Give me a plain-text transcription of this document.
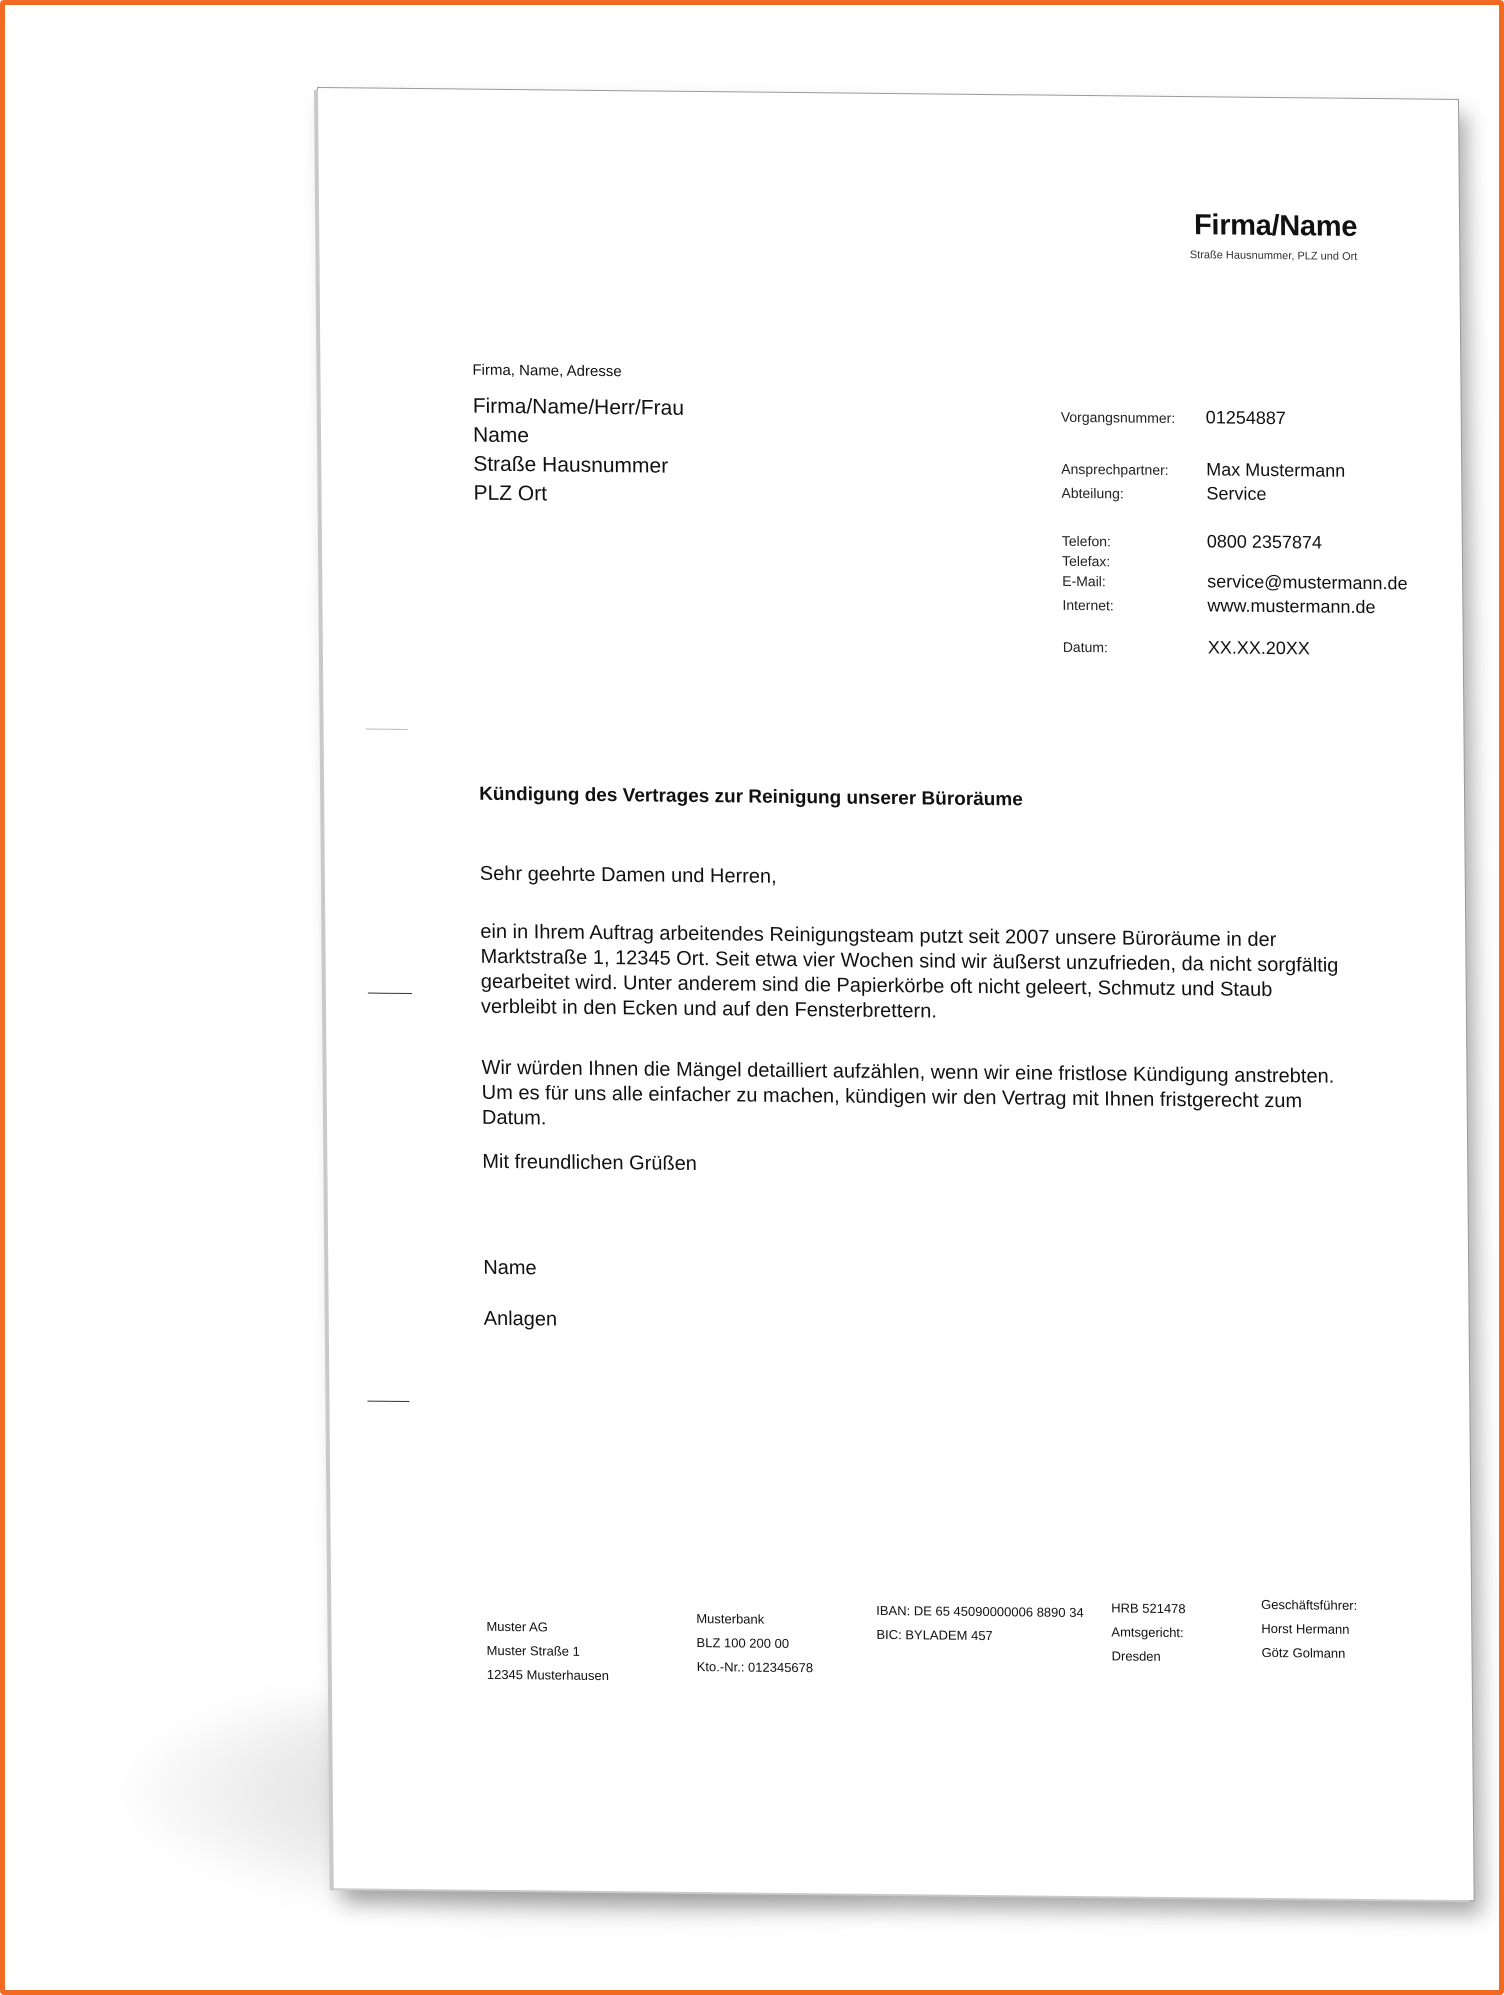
Firma/Name
Straße Hausnummer, PLZ und Ort
Firma, Name, Adresse
Firma/Name/Herr/Frau
Name
Straße Hausnummer
PLZ Ort
Vorgangsnummer: 01254887
Ansprechpartner: Max Mustermann
Abteilung:	Service
Telefon:	0800 2357874
Telefax:
E-Mail:	service@mustermann.de
Internet:	www.mustermann.de
Datum:	XX.XX.20XX
Kündigung des Vertrages zur Reinigung unserer Büroräume
Sehr geehrte Damen und Herren,
ein in Ihrem Auftrag arbeitendes Reinigungsteam putzt seit 2007 unsere Büroräume in der Marktstraße 1, 12345 Ort. Seit etwa vier Wochen sind wir äußerst unzufrieden, da nicht sorgfältig gearbeitet wird. Unter anderem sind die Papierkörbe oft nicht geleert, Schmutz und Staub verbleibt in den Ecken und auf den Fensterbrettern.
Wir würden Ihnen die Mängel detailliert aufzählen, wenn wir eine fristlose Kündigung anstrebten. Um es für uns alle einfacher zu machen, kündigen wir den Vertrag mit Ihnen fristgerecht zum Datum.
Mit freundlichen Grüßen
Name
Anlagen
Muster AG
Muster Straße 1
12345 Musterhausen
Musterbank
BLZ 100 200 00
Kto.-Nr.: 012345678
IBAN: DE 65 45090000006 8890 34
BIC: BYLADEM 457
HRB 521478
Amtsgericht:
Dresden
Geschäftsführer:
Horst Hermann
Götz Golmann
